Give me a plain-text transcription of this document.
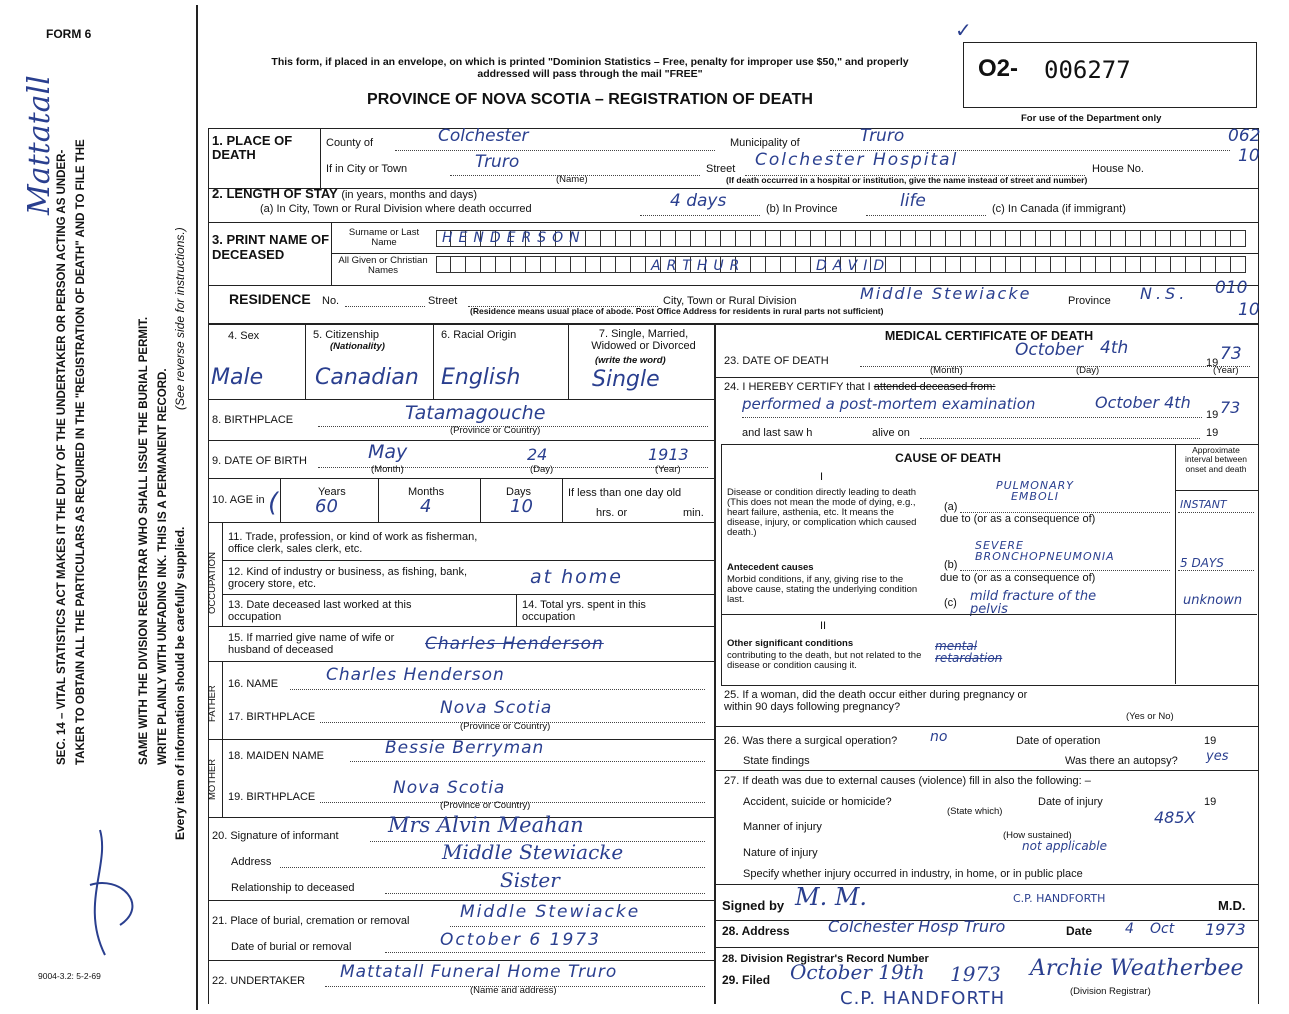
FORM 6
This form, if placed in an envelope, on which is printed "Dominion Statistics – Free, penalty for improper use $50," and properly addressed will pass through the mail "FREE"
PROVINCE OF NOVA SCOTIA – REGISTRATION OF DEATH
O2- 006277
For use of the Department only
✓
SEC. 14 – VITAL STATISTICS ACT MAKES IT THE DUTY OF THE UNDERTAKER OR PERSON ACTING AS UNDER- TAKER TO OBTAIN ALL THE PARTICULARS AS REQUIRED IN THE "REGISTRATION OF DEATH" AND TO FILE THE	SAME WITH THE DIVISION REGISTRAR WHO SHALL ISSUE THE BURIAL PERMIT. WRITE PLAINLY WITH UNFADING INK. THIS IS A PERMANENT RECORD. Every item of information should be carefully supplied.
(See reverse side for instructions.)
Mattatall
9004-3.2: 5-2-69
1. PLACE OF DEATH
County of	Colchester	Municipality of	Truro	062
10
If in City or Town	Truro
(Name)
Street Colchester Hospital	House No.
(If death occurred in a hospital or institution, give the name instead of street and number)
2. LENGTH OF STAY (in years, months and days)
(a) In City, Town or Rural Division where death occurred	4 days	(b) In Province	life	(c) In Canada (if immigrant)
3. PRINT NAME OF DECEASED
Surname or Last Name
All Given or Christian Names
HENDERSON
ARTHUR	DAVID
RESIDENCE No.	Street	City, Town or Rural Division	Middle Stewiacke	Province N.S. 010
10
(Residence means usual place of abode. Post Office Address for residents in rural parts not sufficient)
4. Sex
Male
5. Citizenship
(Nationality)
Canadian
6. Racial Origin
English
7. Single, Married, Widowed or Divorced
(write the word)
Single
8. BIRTHPLACE	Tatamagouche
(Province or Country)
9. DATE OF BIRTH	May	24	1913
(Month)	(Day)	(Year)
10. AGE in (	Years	Months	Days
60	4	10
If less than one day old
hrs. or	min.
OCCUPATION
11. Trade, profession, or kind of work as fisherman, office clerk, sales clerk, etc.
12. Kind of industry or business, as fishing, bank, grocery store, etc.	at home
13. Date deceased last worked at this occupation
14. Total yrs. spent in this occupation
15. If married give name of wife or husband of deceased	Charles Henderson
FATHER
16. NAME	Charles Henderson
17. BIRTHPLACE	Nova Scotia
(Province or Country)
MOTHER
18. MAIDEN NAME	Bessie Berryman
19. BIRTHPLACE	Nova Scotia
(Province or Country)
20. Signature of informant Mrs Alvin Meahan
Address	Middle Stewiacke
Relationship to deceased	Sister
21. Place of burial, cremation or removal	Middle Stewiacke
Date of burial or removal	October 6 1973
22. UNDERTAKER Mattatall Funeral Home Truro
(Name and address)
MEDICAL CERTIFICATE OF DEATH
23. DATE OF DEATH
October 4th
19 73
(Month)	(Day)	(Year)
24. I HEREBY CERTIFY that I attended deceased from:
performed a post-mortem examination	October 4th
19 73
and last saw h	alive on	19
CAUSE OF DEATH
Approximate interval between onset and death
I
Disease or condition directly leading to death (This does not mean the mode of dying, e.g., heart failure, asthenia, etc. It means the disease, injury, or complication which caused death.)
(a)
PULMONARY EMBOLI
INSTANT
due to (or as a consequence of)
Antecedent causes
Morbid conditions, if any, giving rise to the above cause, stating the underlying condition last.
(b)
SEVERE BRONCHOPNEUMONIA	5 DAYS
due to (or as a consequence of)
(c) mild fracture of the pelvis
unknown
II
Other significant conditions
contributing to the death, but not related to the disease or condition causing it.
mental retardation
25. If a woman, did the death occur either during pregnancy or within 90 days following pregnancy?
(Yes or No)
26. Was there a surgical operation? no	Date of operation	19
State findings	Was there an autopsy? yes
27. If death was due to external causes (violence) fill in also the following: –
Accident, suicide or homicide?	Date of injury	19
(State which)
Manner of injury	485X
(How sustained)
Nature of injury	not applicable
Specify whether injury occurred in industry, in home, or in public place
Signed by M. M.	C.P. HANDFORTH	M.D.
28. Address Colchester Hosp Truro	Date 4 Oct 1973
28. Division Registrar's Record Number
29. Filed October 19th 1973 Archie Weatherbee
(Division Registrar)
C.P. HANDFORTH
